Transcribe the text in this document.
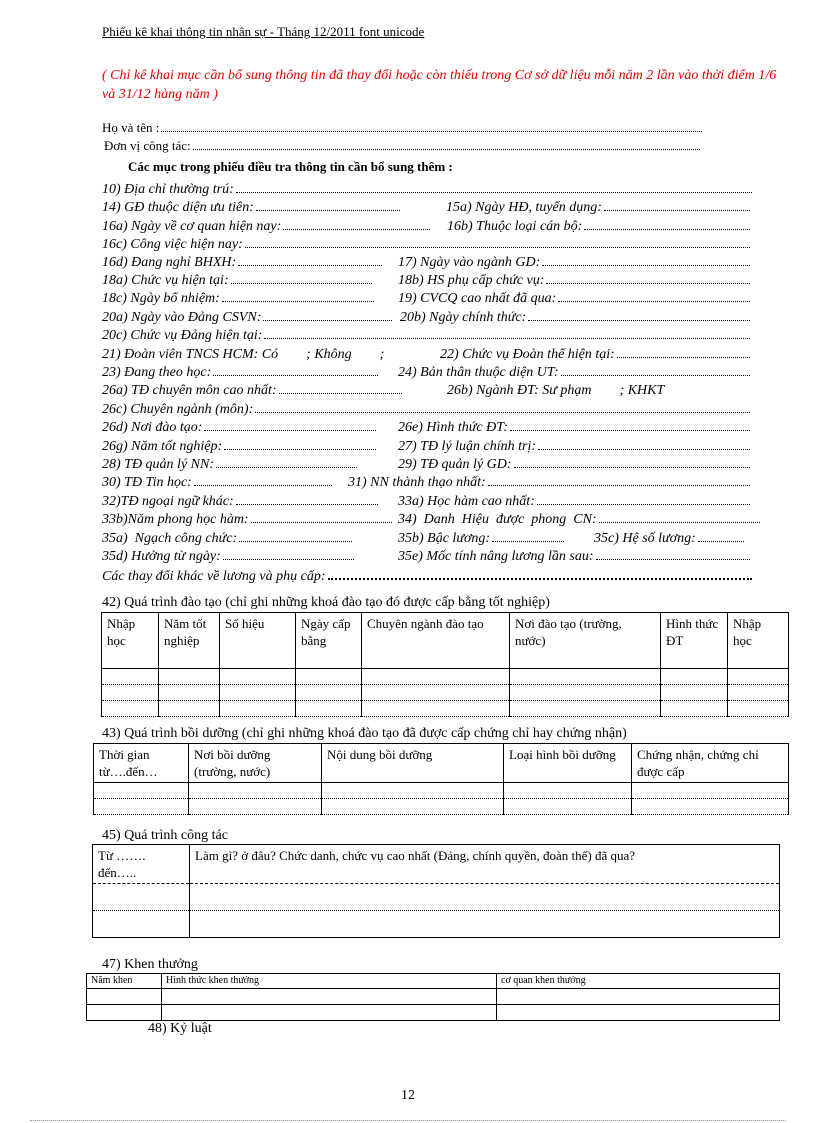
Phiếu kê khai thông tin nhân sự - Tháng 12/2011 font unicode
( Chỉ kê khai mục cần bổ sung thông tin đã thay đổi hoặc còn thiếu trong Cơ sở dữ liệu mỗi năm 2 lần vào thời điểm 1/6 và 31/12 hàng năm )
Họ và tên :
Đơn vị công tác:
Các mục trong phiếu điều tra thông tin cần bổ sung thêm :
10) Địa chỉ thường trú:
14) GĐ thuộc diện ưu tiên:	15a) Ngày HĐ, tuyển dụng:
16a) Ngày về cơ quan hiện nay:	16b) Thuộc loại cán bộ:
16c) Công việc hiện nay:
16d) Đang nghỉ BHXH:	17) Ngày vào ngành GD:
18a) Chức vụ hiện tại:	18b) HS phụ cấp chức vụ:
18c) Ngày bổ nhiệm:	19) CVCQ cao nhất đã qua:
20a) Ngày vào Đảng CSVN:	20b) Ngày chính thức:
20c) Chức vụ Đảng hiện tại:
21) Đoàn viên TNCS HCM: Có        ; Không        ;	22) Chức vụ Đoàn thể hiện tại:
23) Đang theo học:	24) Bản thân thuộc diện UT:
26a) TĐ chuyên môn cao nhất:	26b) Ngành ĐT: Sư phạm        ; KHKT
26c) Chuyên ngành (môn):
26d) Nơi đào tạo:	26e) Hình thức ĐT:
26g) Năm tốt nghiệp:	27) TĐ lý luận chính trị:
28) TĐ quản lý NN:	29) TĐ quản lý GD:
30) TĐ Tin học:	31) NN thành thạo nhất:
32)TĐ ngoại ngữ khác:	33a) Học hàm cao nhất:
33b)Năm phong học hàm:	34)  Danh  Hiệu  được  phong  CN:
35a)  Ngạch công chức:	35b) Bậc lương:	35c) Hệ số lương:
35d) Hưởng từ ngày:	35e) Mốc tính nâng lương lần sau:
Các thay đổi khác về lương và phụ cấp:
42) Quá trình đào tạo (chỉ ghi những khoá đào tạo đó được cấp bằng tốt nghiệp)
Nhập học	Năm tốt nghiệp	Số hiệu	Ngày cấp bằng	Chuyên ngành đào tạo	Nơi đào tạo (trường, nước)	Hình thức ĐT	Nhập học

43) Quá trình bồi dưỡng (chỉ ghi những khoá đào tạo đã được cấp chứng chỉ hay chứng nhận)
Thời gian từ….đến…	Nơi bồi dưỡng (trường, nước)	Nội dung bồi dưỡng	Loại hình bồi dưỡng	Chứng nhận, chứng chỉ được cấp

45) Quá trình công tác
Từ ……. đến…..	Làm gì? ở đâu? Chức danh, chức vụ cao nhất (Đảng, chính quyền, đoàn thể) đã qua?

47) Khen thưởng
Năm khen	Hình thức khen thưởng	cơ quan khen thưởng

48) Kỷ luật
12
